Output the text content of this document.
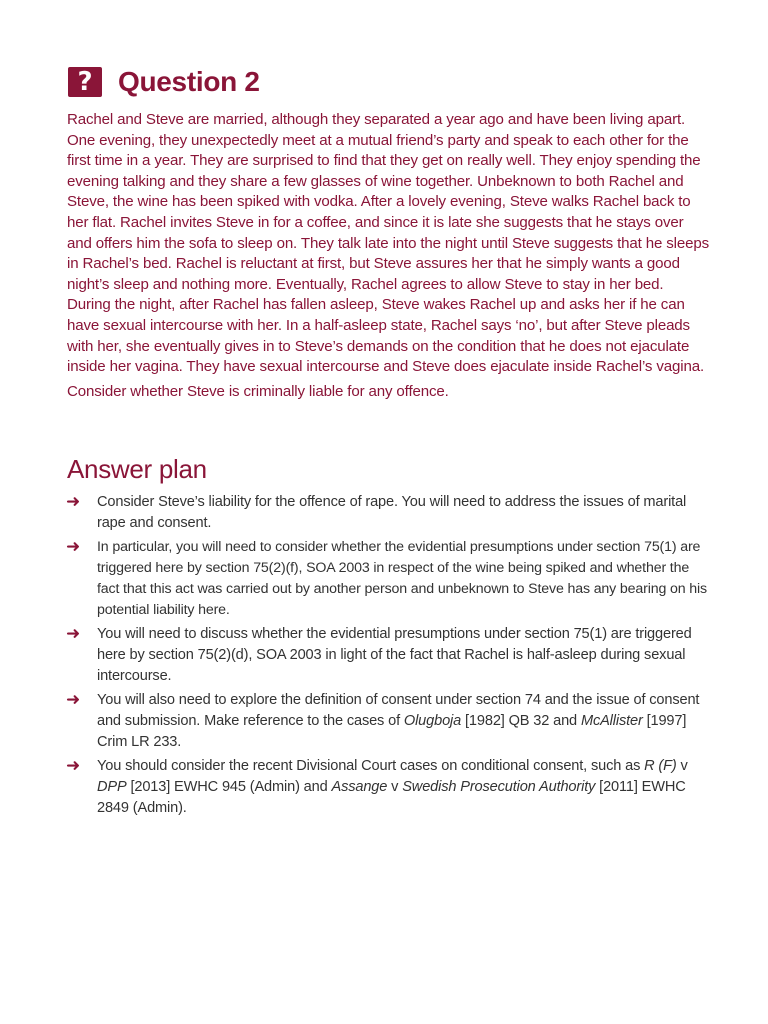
? Question 2

Rachel and Steve are married, although they separated a year ago and have been living apart. One evening, they unexpectedly meet at a mutual friend’s party and speak to each other for the first time in a year. They are surprised to find that they get on really well. They enjoy spending the evening talking and they share a few glasses of wine together. Unbeknown to both Rachel and Steve, the wine has been spiked with vodka. After a lovely evening, Steve walks Rachel back to her flat. Rachel invites Steve in for a coffee, and since it is late she suggests that he stays over and offers him the sofa to sleep on. They talk late into the night until Steve suggests that he sleeps in Rachel’s bed. Rachel is reluctant at first, but Steve assures her that he simply wants a good night’s sleep and nothing more. Eventually, Rachel agrees to allow Steve to stay in her bed. During the night, after Rachel has fallen asleep, Steve wakes Rachel up and asks her if he can have sexual intercourse with her. In a half-asleep state, Rachel says ‘no’, but after Steve pleads with her, she eventually gives in to Steve’s demands on the condition that he does not ejaculate inside her vagina. They have sexual intercourse and Steve does ejaculate inside Rachel’s vagina.

Consider whether Steve is criminally liable for any offence.

Answer plan
➜ Consider Steve’s liability for the offence of rape. You will need to address the issues of marital rape and consent.
➜ In particular, you will need to consider whether the evidential presumptions under section 75(1) are triggered here by section 75(2)(f), SOA 2003 in respect of the wine being spiked and whether the fact that this act was carried out by another person and unbeknown to Steve has any bearing on his potential liability here.
➜ You will need to discuss whether the evidential presumptions under section 75(1) are triggered here by section 75(2)(d), SOA 2003 in light of the fact that Rachel is half-asleep during sexual intercourse.
➜ You will also need to explore the definition of consent under section 74 and the issue of consent and submission. Make reference to the cases of Olugboja [1982] QB 32 and McAllister [1997] Crim LR 233.
➜ You should consider the recent Divisional Court cases on conditional consent, such as R (F) v DPP [2013] EWHC 945 (Admin) and Assange v Swedish Prosecution Authority [2011] EWHC 2849 (Admin).
